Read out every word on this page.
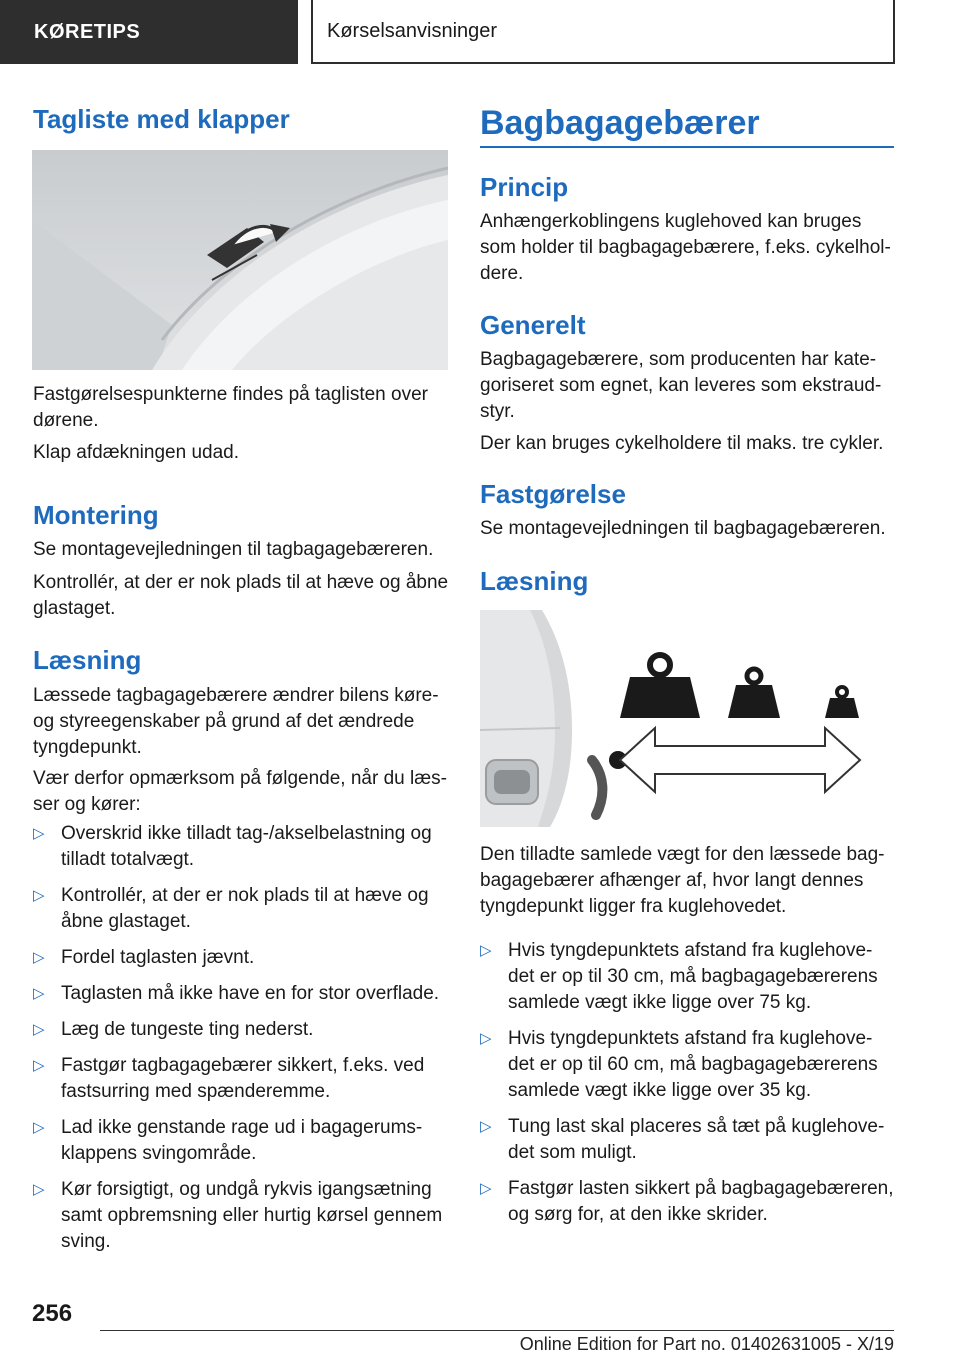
KØRETIPS	Kørselsanvisninger
Tagliste med klapper

Fastgørelsespunkterne findes på taglisten over dørene.

Klap afdækningen udad.

Montering

Se montagevejledningen til tagbagagebæreren.

Kontrollér, at der er nok plads til at hæve og åbne glastaget.

Læsning

Læssede tagbagagebærere ændrer bilens køre- og styreegenskaber på grund af det ændrede tyngdepunkt.

Vær derfor opmærksom på følgende, når du læs- ser og kører:

▷ Overskrid ikke tilladt tag-/akselbelastning og tilladt totalvægt.
▷ Kontrollér, at der er nok plads til at hæve og åbne glastaget.
▷ Fordel taglasten jævnt.
▷ Taglasten må ikke have en for stor overflade.
▷ Læg de tungeste ting nederst.
▷ Fastgør tagbagagebærer sikkert, f.eks. ved fastsurring med spænderemme.
▷ Lad ikke genstande rage ud i bagagerums- klappens svingområde.
▷ Kør forsigtigt, og undgå rykvis igangsætning samt opbremsning eller hurtig kørsel gennem sving.
Bagbagagebærer
Princip

Anhængerkoblingens kuglehoved kan bruges som holder til bagbagagebærere, f.eks. cykelhol- dere.

Generelt

Bagbagagebærere, som producenten har kate- goriseret som egnet, kan leveres som ekstraud- styr.

Der kan bruges cykelholdere til maks. tre cykler.

Fastgørelse

Se montagevejledningen til bagbagagebæreren.

Læsning

Den tilladte samlede vægt for den læssede bag- bagagebærer afhænger af, hvor langt dennes tyngdepunkt ligger fra kuglehovedet.

▷ Hvis tyngdepunktets afstand fra kuglehove- det er op til 30 cm, må bagbagagebærerens samlede vægt ikke ligge over 75 kg.
▷ Hvis tyngdepunktets afstand fra kuglehove- det er op til 60 cm, må bagbagagebærerens samlede vægt ikke ligge over 35 kg.
▷ Tung last skal placeres så tæt på kuglehove- det som muligt.
▷ Fastgør lasten sikkert på bagbagagebæreren, og sørg for, at den ikke skrider.
256
Online Edition for Part no. 01402631005 - X/19
